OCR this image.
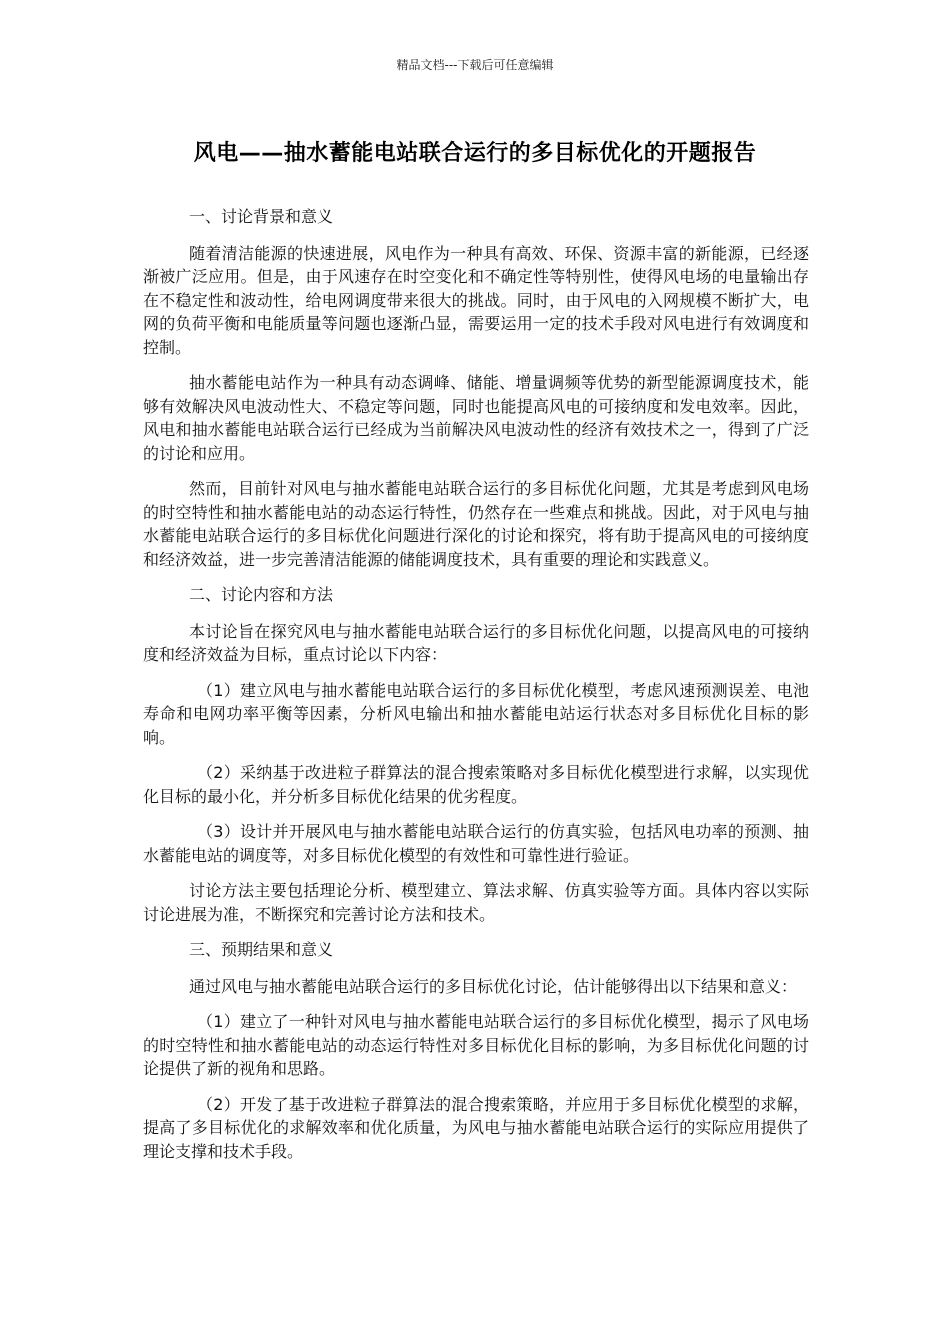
精品文档---下载后可任意编辑
风电——抽水蓄能电站联合运行的多目标优化的开题报告

一、讨论背景和意义

随着清洁能源的快速进展，风电作为一种具有高效、环保、资源丰富的新能源，已经逐渐被广泛应用。但是，由于风速存在时空变化和不确定性等特别性，使得风电场的电量输出存在不稳定性和波动性，给电网调度带来很大的挑战。同时，由于风电的入网规模不断扩大，电网的负荷平衡和电能质量等问题也逐渐凸显，需要运用一定的技术手段对风电进行有效调度和控制。

抽水蓄能电站作为一种具有动态调峰、储能、增量调频等优势的新型能源调度技术，能够有效解决风电波动性大、不稳定等问题，同时也能提高风电的可接纳度和发电效率。因此，风电和抽水蓄能电站联合运行已经成为当前解决风电波动性的经济有效技术之一，得到了广泛的讨论和应用。

然而，目前针对风电与抽水蓄能电站联合运行的多目标优化问题，尤其是考虑到风电场的时空特性和抽水蓄能电站的动态运行特性，仍然存在一些难点和挑战。因此，对于风电与抽水蓄能电站联合运行的多目标优化问题进行深化的讨论和探究，将有助于提高风电的可接纳度和经济效益，进一步完善清洁能源的储能调度技术，具有重要的理论和实践意义。

二、讨论内容和方法

本讨论旨在探究风电与抽水蓄能电站联合运行的多目标优化问题，以提高风电的可接纳度和经济效益为目标，重点讨论以下内容：

（1）建立风电与抽水蓄能电站联合运行的多目标优化模型，考虑风速预测误差、电池寿命和电网功率平衡等因素，分析风电输出和抽水蓄能电站运行状态对多目标优化目标的影响。

（2）采纳基于改进粒子群算法的混合搜索策略对多目标优化模型进行求解，以实现优化目标的最小化，并分析多目标优化结果的优劣程度。

（3）设计并开展风电与抽水蓄能电站联合运行的仿真实验，包括风电功率的预测、抽水蓄能电站的调度等，对多目标优化模型的有效性和可靠性进行验证。

讨论方法主要包括理论分析、模型建立、算法求解、仿真实验等方面。具体内容以实际讨论进展为准，不断探究和完善讨论方法和技术。

三、预期结果和意义

通过风电与抽水蓄能电站联合运行的多目标优化讨论，估计能够得出以下结果和意义：

（1）建立了一种针对风电与抽水蓄能电站联合运行的多目标优化模型，揭示了风电场的时空特性和抽水蓄能电站的动态运行特性对多目标优化目标的影响，为多目标优化问题的讨论提供了新的视角和思路。

（2）开发了基于改进粒子群算法的混合搜索策略，并应用于多目标优化模型的求解，提高了多目标优化的求解效率和优化质量，为风电与抽水蓄能电站联合运行的实际应用提供了理论支撑和技术手段。
